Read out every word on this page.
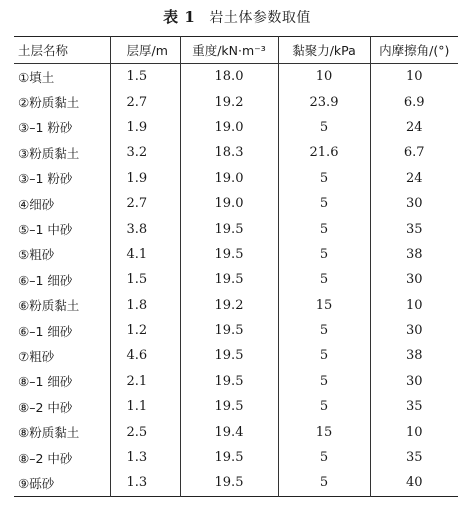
表 1 岩土体参数取值
土层名称	层厚/m	重度/kN·m⁻³	黏聚力/kPa	内摩擦角/(°)
①填土	1.5	18.0	10	10
②粉质黏土	2.7	19.2	23.9	6.9
③–1 粉砂	1.9	19.0	5	24
③粉质黏土	3.2	18.3	21.6	6.7
③–1 粉砂	1.9	19.0	5	24
④细砂	2.7	19.0	5	30
⑤–1 中砂	3.8	19.5	5	35
⑤粗砂	4.1	19.5	5	38
⑥–1 细砂	1.5	19.5	5	30
⑥粉质黏土	1.8	19.2	15	10
⑥–1 细砂	1.2	19.5	5	30
⑦粗砂	4.6	19.5	5	38
⑧–1 细砂	2.1	19.5	5	30
⑧–2 中砂	1.1	19.5	5	35
⑧粉质黏土	2.5	19.4	15	10
⑧–2 中砂	1.3	19.5	5	35
⑨砾砂	1.3	19.5	5	40
